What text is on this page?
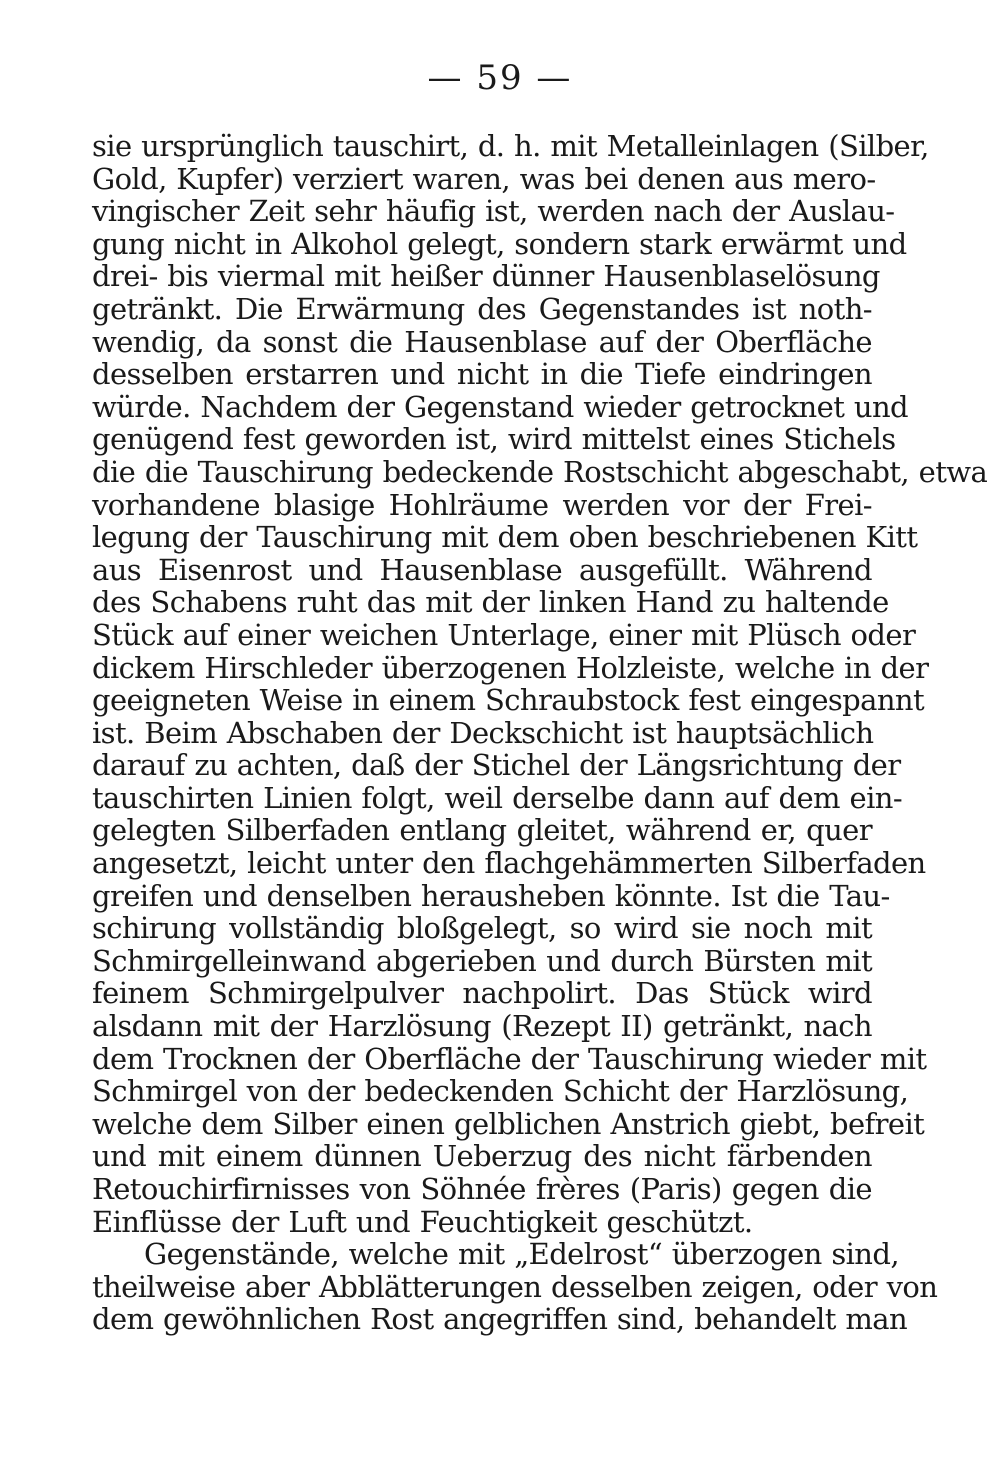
— 59 —
sie ursprünglich tauschirt, d. h. mit Metalleinlagen (Silber,
Gold, Kupfer) verziert waren, was bei denen aus mero-
vingischer Zeit sehr häufig ist, werden nach der Auslau-
gung nicht in Alkohol gelegt, sondern stark erwärmt und
drei- bis viermal mit heißer dünner Hausenblaselösung
getränkt. Die Erwärmung des Gegenstandes ist noth-
wendig, da sonst die Hausenblase auf der Oberfläche
desselben erstarren und nicht in die Tiefe eindringen
würde. Nachdem der Gegenstand wieder getrocknet und
genügend fest geworden ist, wird mittelst eines Stichels
die die Tauschirung bedeckende Rostschicht abgeschabt, etwa
vorhandene blasige Hohlräume werden vor der Frei-
legung der Tauschirung mit dem oben beschriebenen Kitt
aus Eisenrost und Hausenblase ausgefüllt. Während
des Schabens ruht das mit der linken Hand zu haltende
Stück auf einer weichen Unterlage, einer mit Plüsch oder
dickem Hirschleder überzogenen Holzleiste, welche in der
geeigneten Weise in einem Schraubstock fest eingespannt
ist. Beim Abschaben der Deckschicht ist hauptsächlich
darauf zu achten, daß der Stichel der Längsrichtung der
tauschirten Linien folgt, weil derselbe dann auf dem ein-
gelegten Silberfaden entlang gleitet, während er, quer
angesetzt, leicht unter den flachgehämmerten Silberfaden
greifen und denselben herausheben könnte. Ist die Tau-
schirung vollständig bloßgelegt, so wird sie noch mit
Schmirgelleinwand abgerieben und durch Bürsten mit
feinem Schmirgelpulver nachpolirt. Das Stück wird
alsdann mit der Harzlösung (Rezept II) getränkt, nach
dem Trocknen der Oberfläche der Tauschirung wieder mit
Schmirgel von der bedeckenden Schicht der Harzlösung,
welche dem Silber einen gelblichen Anstrich giebt, befreit
und mit einem dünnen Ueberzug des nicht färbenden
Retouchirfirnisses von Söhnée frères (Paris) gegen die
Einflüsse der Luft und Feuchtigkeit geschützt.
Gegenstände, welche mit „Edelrost“ überzogen sind,
theilweise aber Abblätterungen desselben zeigen, oder von
dem gewöhnlichen Rost angegriffen sind, behandelt man
